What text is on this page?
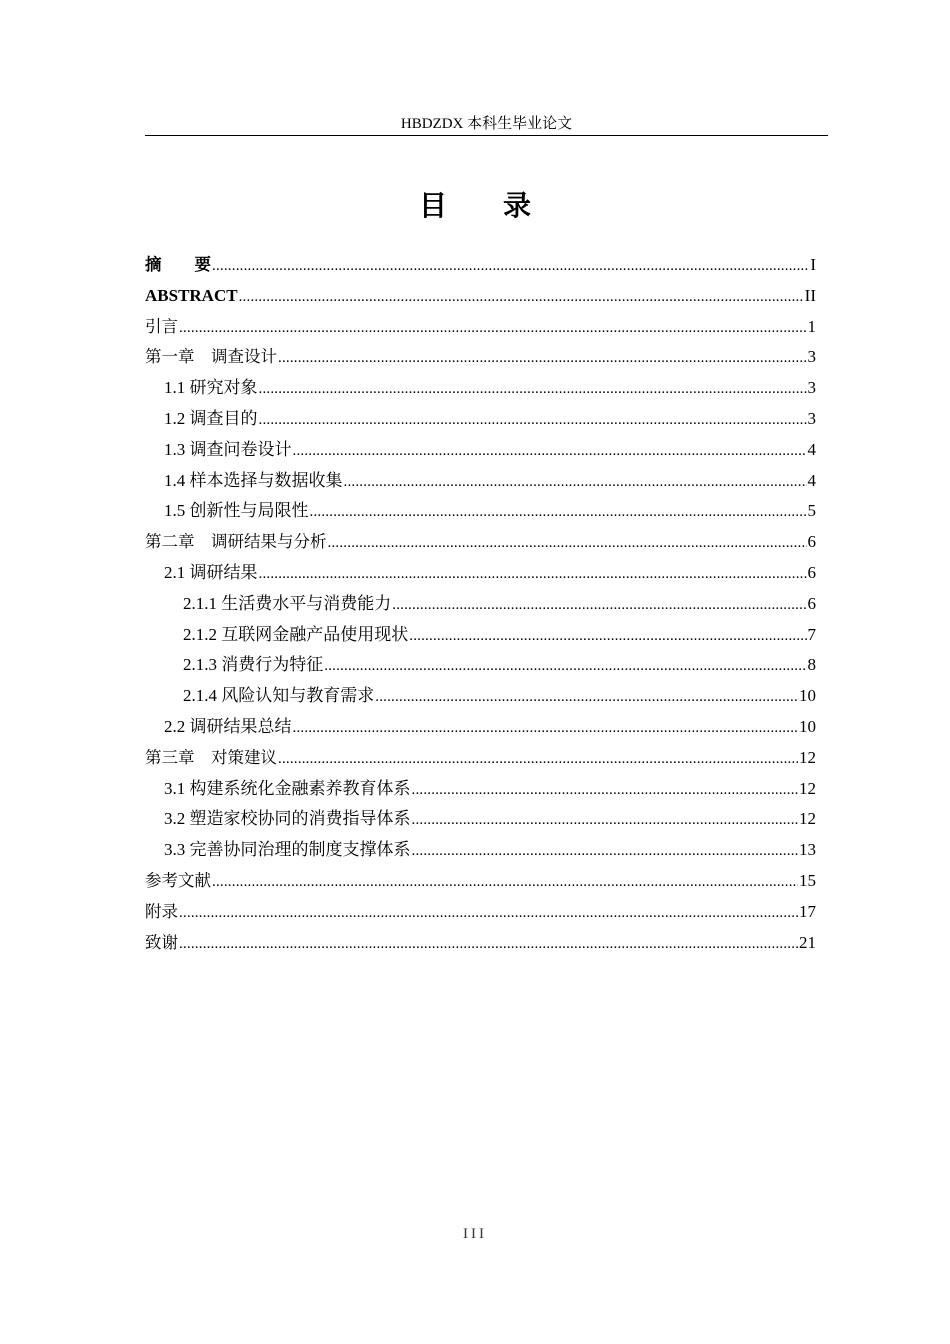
HBDZDX 本科生毕业论文
目 录
摘　　要 .....	I
ABSTRACT .....	II
引言 .....	1
第一章　调查设计 .....	3
1.1 研究对象 .....	3
1.2 调查目的 .....	3
1.3 调查问卷设计 .....	4
1.4 样本选择与数据收集 .....	4
1.5 创新性与局限性 .....	5
第二章　调研结果与分析 .....	6
2.1 调研结果 .....	6
2.1.1 生活费水平与消费能力 .....	6
2.1.2 互联网金融产品使用现状 .....	7
2.1.3 消费行为特征 .....	8
2.1.4 风险认知与教育需求 .....	10
2.2 调研结果总结 .....	10
第三章　对策建议 .....	12
3.1 构建系统化金融素养教育体系 .....	12
3.2 塑造家校协同的消费指导体系 .....	12
3.3 完善协同治理的制度支撑体系 .....	13
参考文献 .....	15
附录 .....	17
致谢 .....	21
III
